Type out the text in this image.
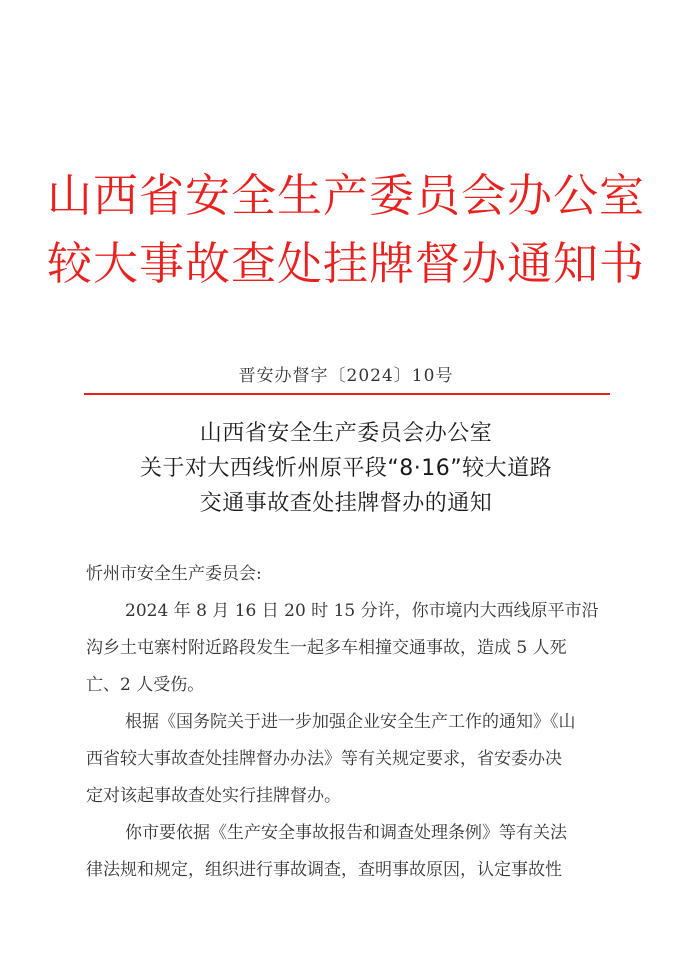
山西省安全生产委员会办公室
较大事故查处挂牌督办通知书
晋安办督字〔2024〕10号
山西省安全生产委员会办公室
关于对大西线忻州原平段“8·16”较大道路
交通事故查处挂牌督办的通知
忻州市安全生产委员会:
2024 年 8 月 16 日 20 时 15 分许，你市境内大西线原平市沿
沟乡土屯寨村附近路段发生一起多车相撞交通事故，造成 5 人死
亡、2 人受伤。
根据《国务院关于进一步加强企业安全生产工作的通知》《山
西省较大事故查处挂牌督办办法》等有关规定要求，省安委办决
定对该起事故查处实行挂牌督办。
你市要依据《生产安全事故报告和调查处理条例》等有关法
律法规和规定，组织进行事故调查，查明事故原因，认定事故性
